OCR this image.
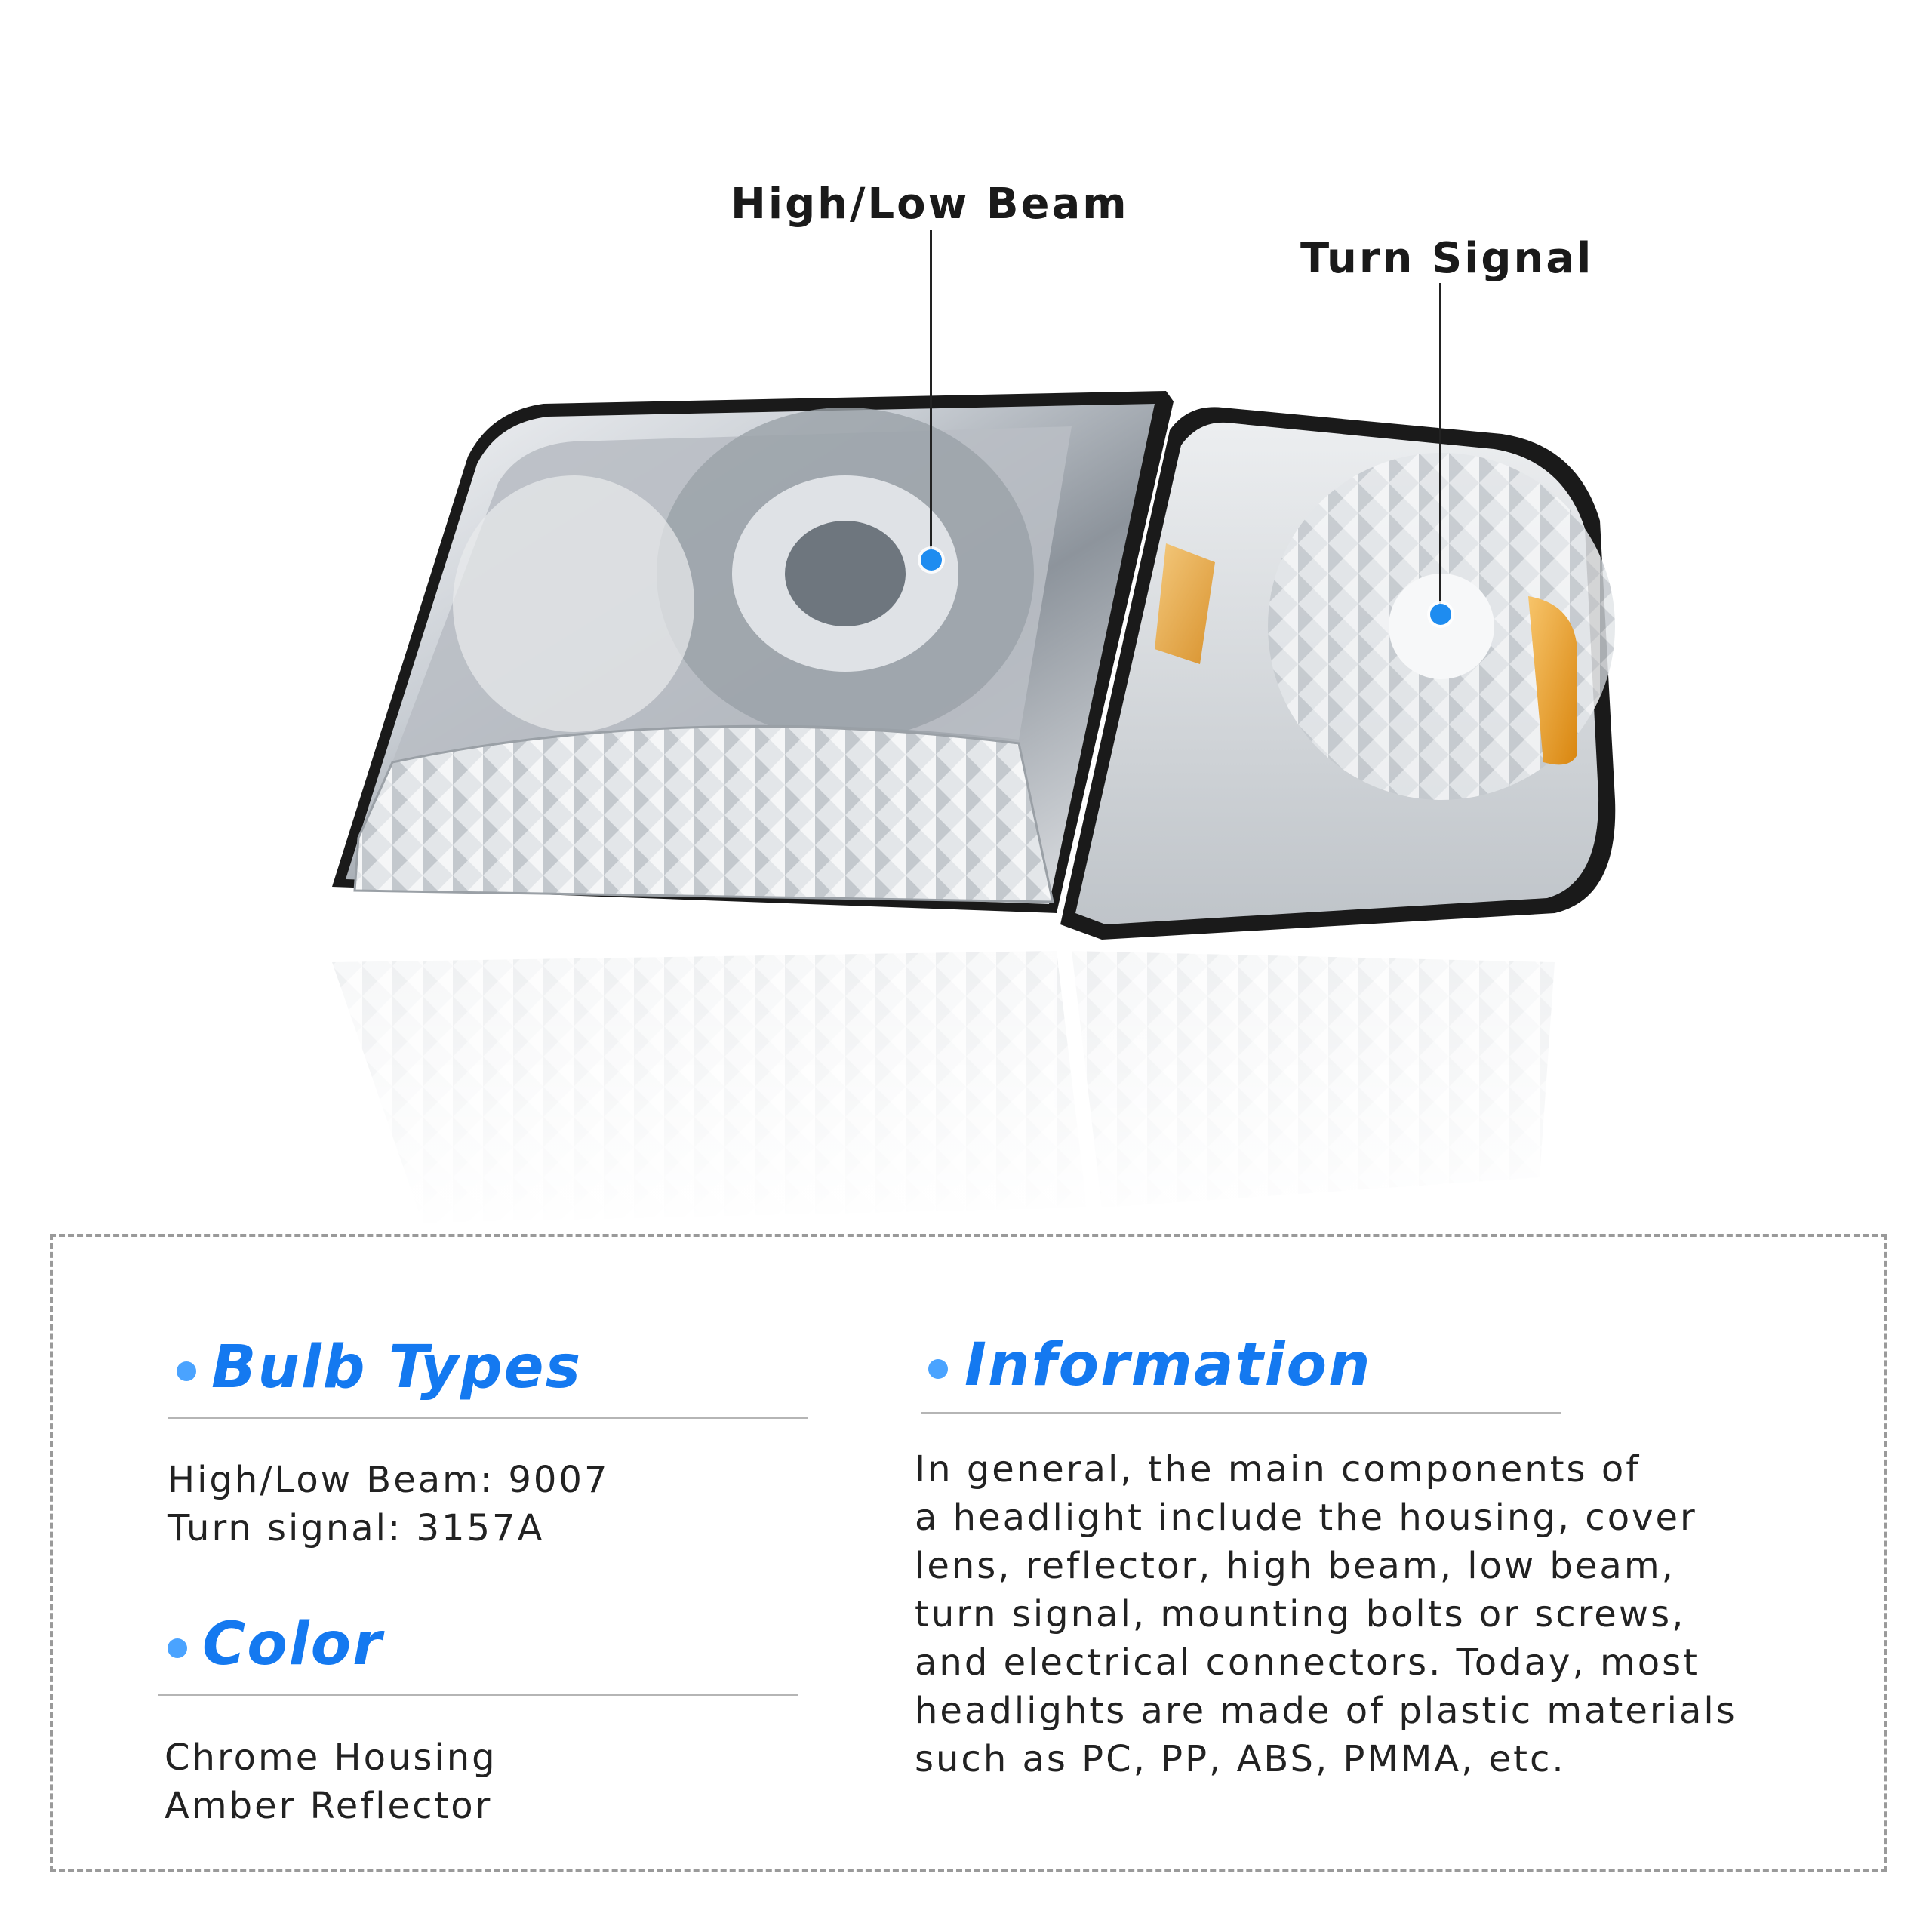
High/Low Beam
Turn Signal
Bulb Types
High/Low Beam: 9007
Turn signal: 3157A
Color
Chrome Housing
Amber Reflector
Information
In general, the main components of
a headlight include the housing, cover
lens, reflector, high beam, low beam,
turn signal, mounting bolts or screws,
and electrical connectors. Today, most
headlights are made of plastic materials
such as PC, PP, ABS, PMMA, etc.
